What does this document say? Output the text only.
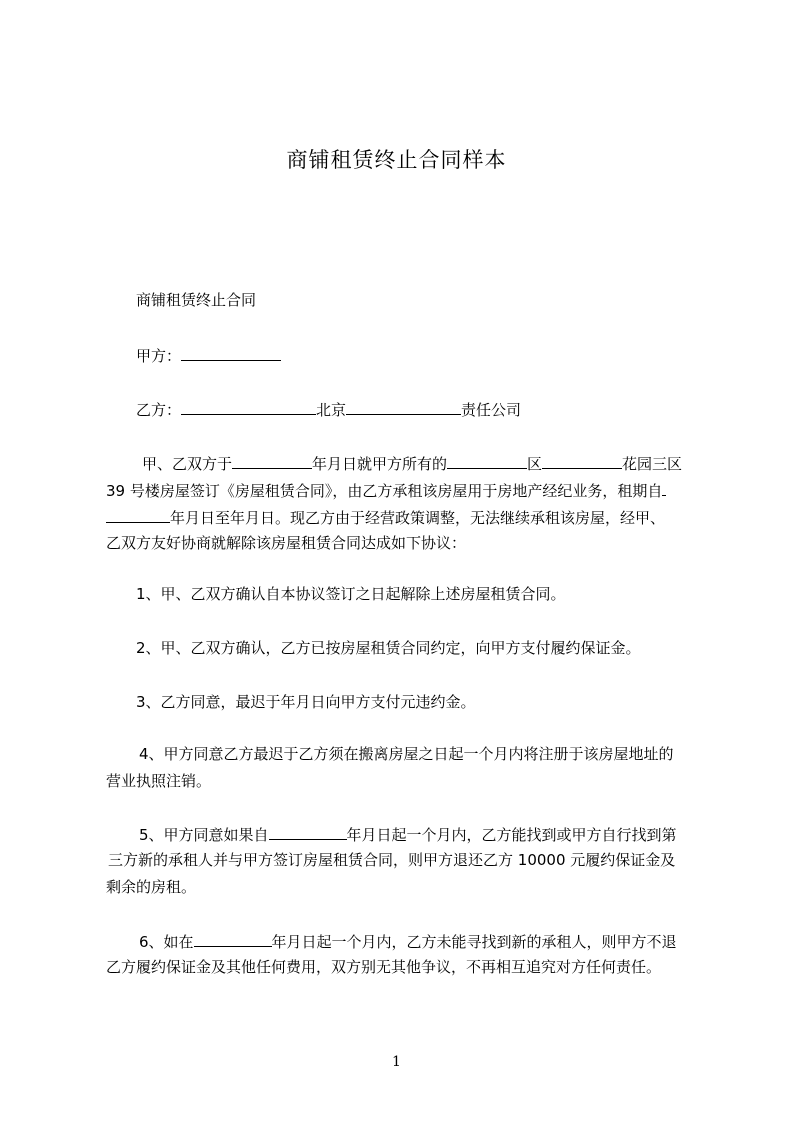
商铺租赁终止合同样本
商铺租赁终止合同
甲方：
乙方：	北京	责任公司
甲、乙双方于	年月日就甲方所有的	区	花园三区
39 号楼房屋签订《房屋租赁合同》，由乙方承租该房屋用于房地产经纪业务，租期自
年月日至年月日。现乙方由于经营政策调整，无法继续承租该房屋，经甲、
乙双方友好协商就解除该房屋租赁合同达成如下协议：
1、甲、乙双方确认自本协议签订之日起解除上述房屋租赁合同。
2、甲、乙双方确认，乙方已按房屋租赁合同约定，向甲方支付履约保证金。
3、乙方同意，最迟于年月日向甲方支付元违约金。
4、甲方同意乙方最迟于乙方须在搬离房屋之日起一个月内将注册于该房屋地址的
营业执照注销。
5、甲方同意如果自	年月日起一个月内，乙方能找到或甲方自行找到第
三方新的承租人并与甲方签订房屋租赁合同，则甲方退还乙方 10000 元履约保证金及
剩余的房租。
6、如在	年月日起一个月内，乙方未能寻找到新的承租人，则甲方不退
乙方履约保证金及其他任何费用，双方别无其他争议，不再相互追究对方任何责任。
1
